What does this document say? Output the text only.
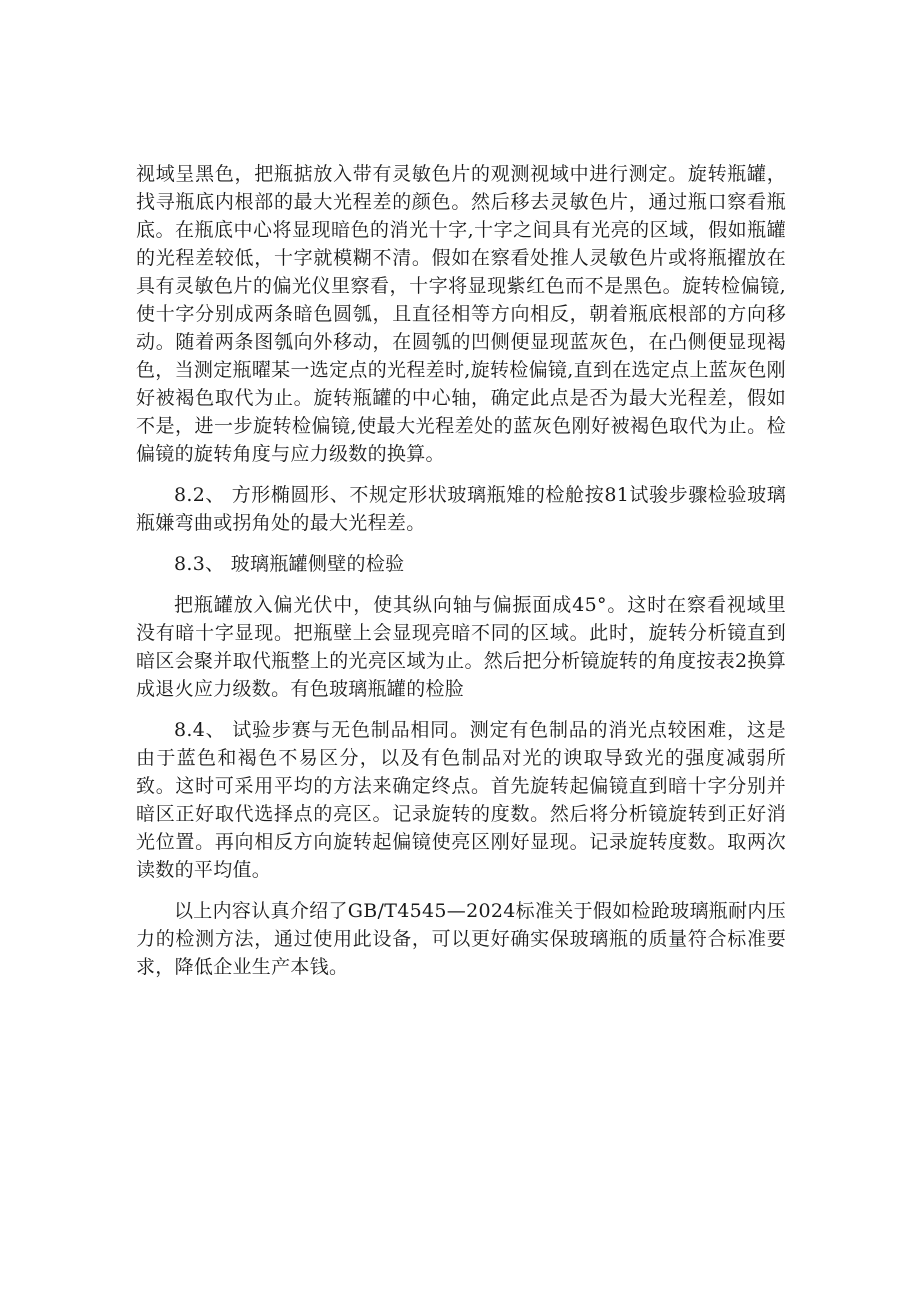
视域呈黑色，把瓶掂放入带有灵敏色片的观测视域中进行测定。旋转瓶罐，找寻瓶底内根部的最大光程差的颜色。然后移去灵敏色片，通过瓶口察看瓶底。在瓶底中心将显现暗色的消光十字,十字之间具有光亮的区域，假如瓶罐的光程差较低，十字就模糊不清。假如在察看处推人灵敏色片或将瓶擢放在具有灵敏色片的偏光仪里察看，十字将显现紫红色而不是黑色。旋转检偏镜,使十字分别成两条暗色圆瓠，且直径相等方向相反，朝着瓶底根部的方向移动。随着两条图瓠向外移动，在圆瓠的凹侧便显现蓝灰色，在凸侧便显现褐色，当测定瓶曜某一选定点的光程差时,旋转检偏镜,直到在选定点上蓝灰色刚好被褐色取代为止。旋转瓶罐的中心轴，确定此点是否为最大光程差，假如不是，进一步旋转检偏镜,使最大光程差处的蓝灰色刚好被褐色取代为止。检偏镜的旋转角度与应力级数的换算。

8.2、 方形椭圆形、不规定形状玻璃瓶雉的检舱按81试骏步骤检验玻璃瓶嫌弯曲或拐角处的最大光程差。

8.3、 玻璃瓶罐侧壁的检验

把瓶罐放入偏光伏中，使其纵向轴与偏振面成45°。这时在察看视域里没有暗十字显现。把瓶壁上会显现亮暗不同的区域。此时，旋转分析镜直到暗区会聚并取代瓶整上的光亮区域为止。然后把分析镜旋转的角度按表2换算成退火应力级数。有色玻璃瓶罐的检脸

8.4、 试验步赛与无色制品相同。测定有色制品的消光点较困难，这是由于蓝色和褐色不易区分，以及有色制品对光的谀取导致光的强度减弱所致。这时可采用平均的方法来确定终点。首先旋转起偏镜直到暗十字分别并暗区正好取代选择点的亮区。记录旋转的度数。然后将分析镜旋转到正好消光位置。再向相反方向旋转起偏镜使亮区刚好显现。记录旋转度数。取两次读数的平均值。

以上内容认真介绍了GB/T4545—2024标准关于假如检跄玻璃瓶耐内压力的检测方法，通过使用此设备，可以更好确实保玻璃瓶的质量符合标准要求，降低企业生产本钱。
